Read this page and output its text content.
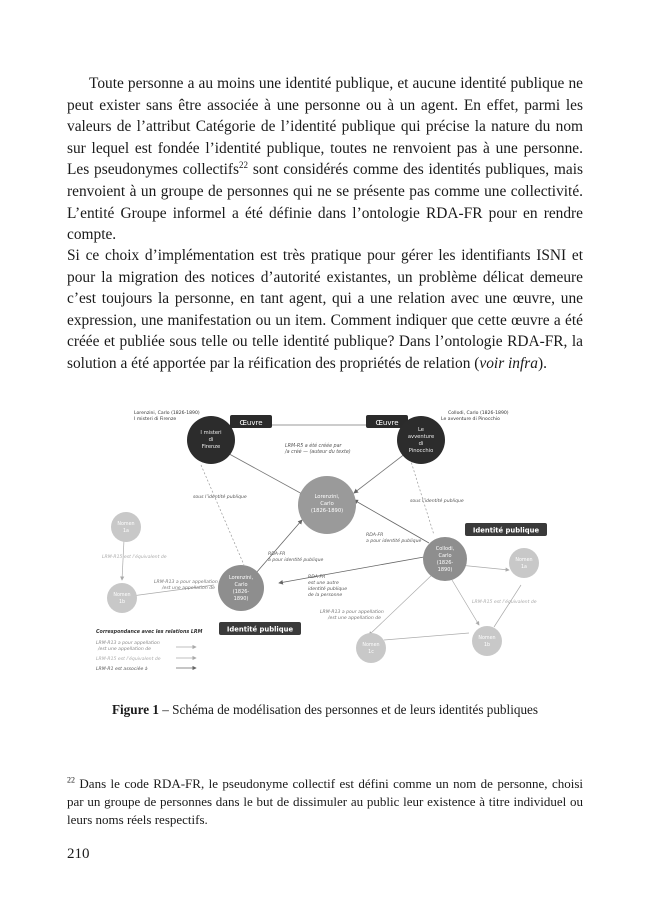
Toute personne a au moins une identité publique, et aucune identité publique ne peut exister sans être associée à une personne ou à un agent. En effet, parmi les valeurs de l’attribut Catégorie de l’identité publique qui précise la nature du nom sur lequel est fondée l’identité publique, toutes ne renvoient pas à une personne. Les pseudonymes collectifs$^{22}$ sont considérés comme des identités publiques, mais renvoient à un groupe de personnes qui ne se présente pas comme une collectivité. L’entité Groupe informel a été définie dans l’ontologie RDA-FR pour en rendre compte.

Si ce choix d’implémentation est très pratique pour gérer les identifiants ISNI et pour la migration des notices d’autorité existantes, un problème délicat demeure c’est toujours la personne, en tant agent, qui a une relation avec une œuvre, une expression, une manifestation ou un item. Comment indiquer que cette œuvre a été créée et publiée sous telle ou telle identité publique? Dans l’ontologie RDA-FR, la solution a été apportée par la réification des propriétés de relation (voir infra).

Lorenzini, Carlo (1826-1890)
I misteri di Firenze
Collodi, Carlo (1826-1890)
Le avventure di Pinocchio
Œuvre	Œuvre
I misteri
di
Firenze
Le
avventure
di
Pinocchio
Lorenzini,
Carlo
(1826-1890)
Lorenzini,
Carlo
(1826-
1890)
Collodi,
Carlo
(1826-
1890)
Nomen
1a
Nomen
1b
Nomen
1c
Nomen
1a
Nomen
1b
Identité publique
Identité publique
LRM-R5 a été créée par
/a créé — (auteur du texte)
sous l’identité publique
sous l’identité publique
RDA-FR
a pour identité publique
RDA-FR
a pour identité publique
RDA-FR
est une autre
identité publique
de la personne
LRM-R15 est l’équivalent de
LRM-R15 est l’équivalent de
LRM-R13 a pour appellation
/est une appellation de
LRM-R13 a pour appellation
/est une appellation de
Correspondance avec les relations LRM
LRM-R13 a pour appellation
/est une appellation de
LRM-R15 est l’équivalent de
LRM-R1 est associée à
Figure 1 – Schéma de modélisation des personnes et de leurs identités publiques

$^{22}$ Dans le code RDA-FR, le pseudonyme collectif est défini comme un nom de personne, choisi par un groupe de personnes dans le but de dissimuler au public leur existence à titre individuel ou leurs noms réels respectifs.

210
